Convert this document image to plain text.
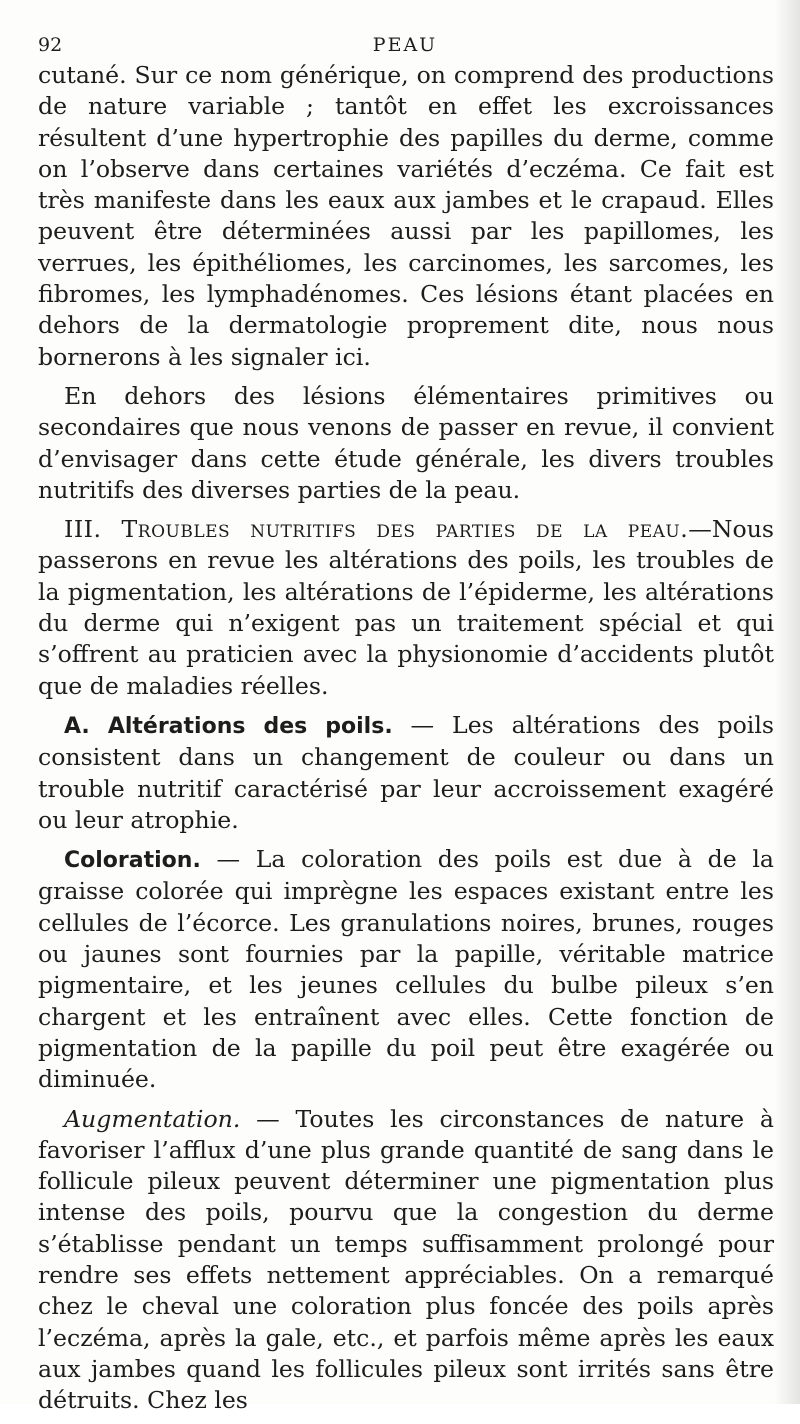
92	PEAU

cutané. Sur ce nom générique, on comprend des productions de nature variable ; tantôt en effet les excroissances résultent d’une hypertrophie des papilles du derme, comme on l’observe dans certaines variétés d’eczéma. Ce fait est très manifeste dans les eaux aux jambes et le crapaud. Elles peuvent être déterminées aussi par les papillomes, les verrues, les épithéliomes, les carcinomes, les sarcomes, les fibromes, les lymphadénomes. Ces lésions étant placées en dehors de la dermatologie proprement dite, nous nous bornerons à les signaler ici.

En dehors des lésions élémentaires primitives ou secondaires que nous venons de passer en revue, il convient d’envisager dans cette étude générale, les divers troubles nutritifs des diverses parties de la peau.

III. Troubles nutritifs des parties de la peau.—Nous passerons en revue les altérations des poils, les troubles de la pigmentation, les altérations de l’épiderme, les altérations du derme qui n’exigent pas un traitement spécial et qui s’offrent au praticien avec la physionomie d’accidents plutôt que de maladies réelles.

A. Altérations des poils. — Les altérations des poils consistent dans un changement de couleur ou dans un trouble nutritif caractérisé par leur accroissement exagéré ou leur atrophie.

Coloration. — La coloration des poils est due à de la graisse colorée qui imprègne les espaces existant entre les cellules de l’écorce. Les granulations noires, brunes, rouges ou jaunes sont fournies par la papille, véritable matrice pigmentaire, et les jeunes cellules du bulbe pileux s’en chargent et les entraînent avec elles. Cette fonction de pigmentation de la papille du poil peut être exagérée ou diminuée.

Augmentation. — Toutes les circonstances de nature à favoriser l’afflux d’une plus grande quantité de sang dans le follicule pileux peuvent déterminer une pigmentation plus intense des poils, pourvu que la congestion du derme s’établisse pendant un temps suffisamment prolongé pour rendre ses effets nettement appréciables. On a remarqué chez le cheval une coloration plus foncée des poils après l’eczéma, après la gale, etc., et parfois même après les eaux aux jambes quand les follicules pileux sont irrités sans être détruits. Chez les
